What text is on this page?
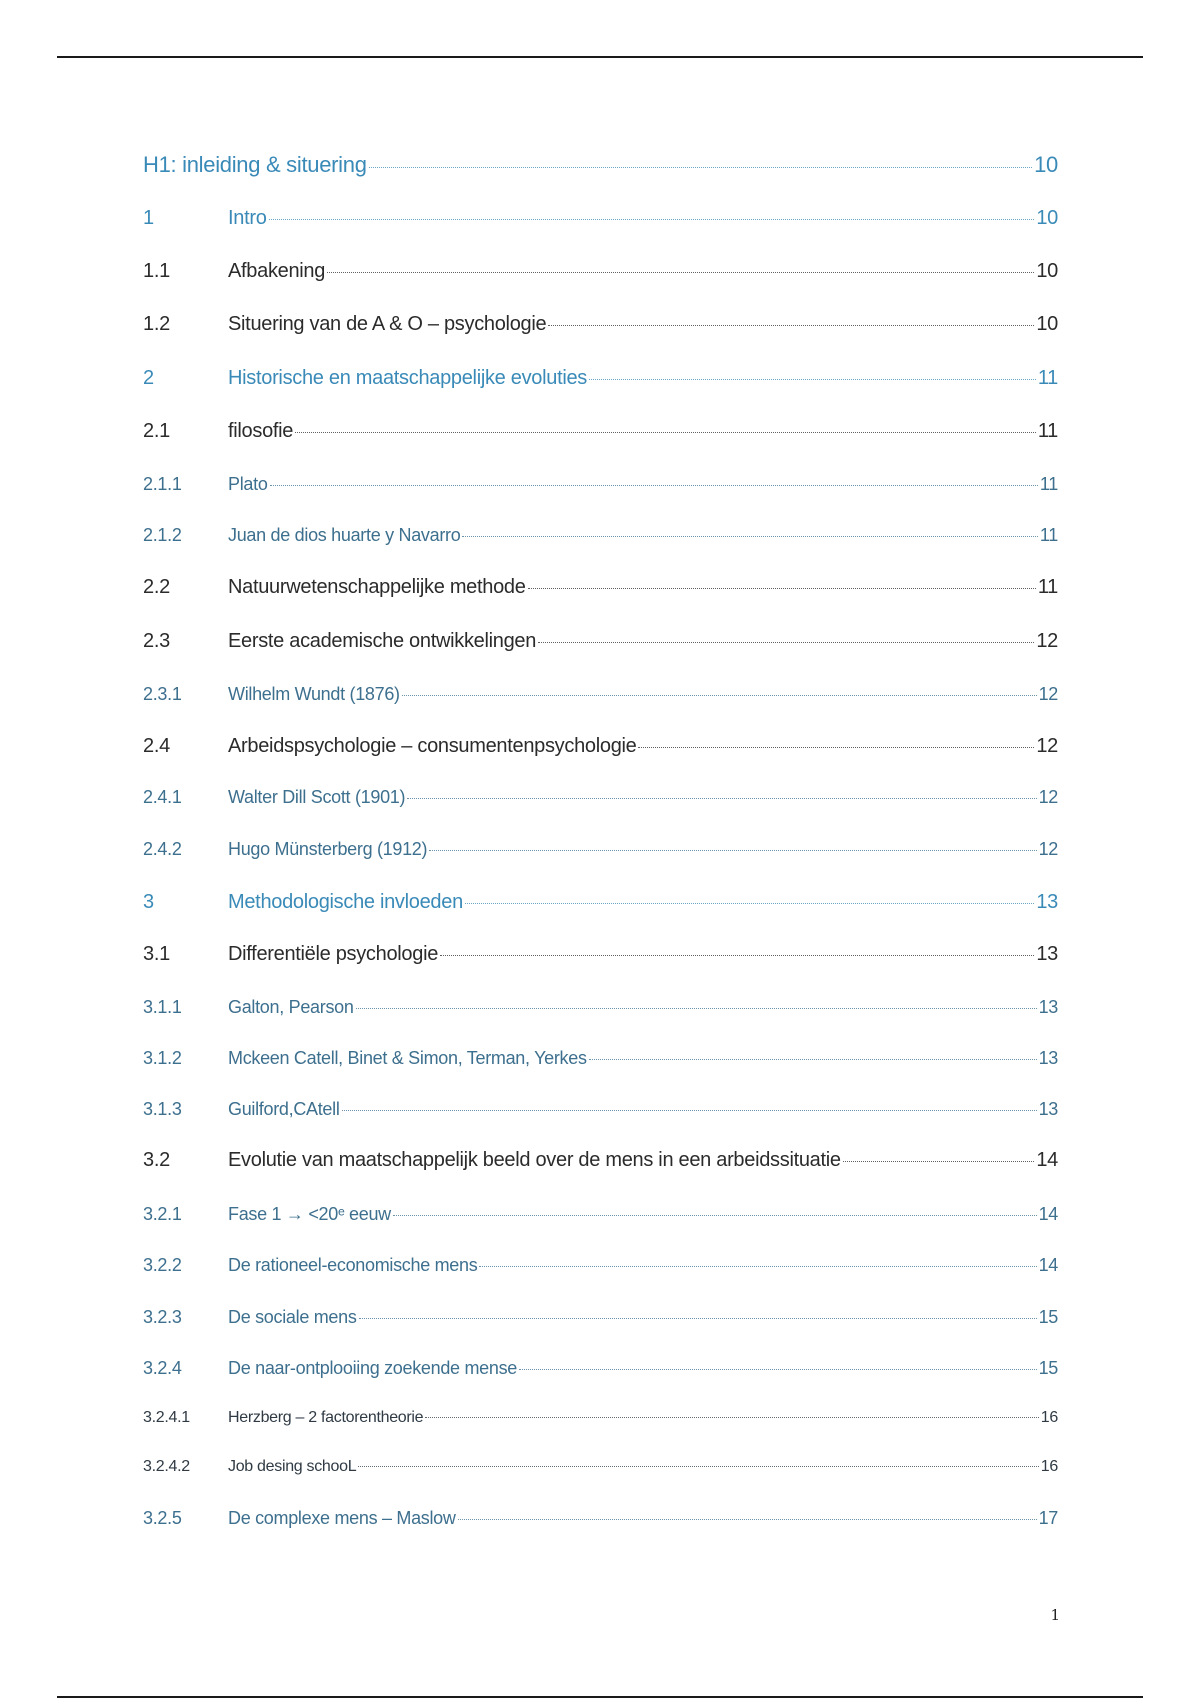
H1: inleiding & situering	10
1	Intro	10
1.1	Afbakening	10
1.2	Situering van de A & O – psychologie	10
2	Historische en maatschappelijke evoluties	11
2.1	filosofie	11
2.1.1	Plato	11
2.1.2	Juan de dios huarte y Navarro	11
2.2	Natuurwetenschappelijke methode	11
2.3	Eerste academische ontwikkelingen	12
2.3.1	Wilhelm Wundt (1876)	12
2.4	Arbeidspsychologie – consumentenpsychologie	12
2.4.1	Walter Dill Scott (1901)	12
2.4.2	Hugo Münsterberg (1912)	12
3	Methodologische invloeden	13
3.1	Differentiële psychologie	13
3.1.1	Galton, Pearson	13
3.1.2	Mckeen Catell, Binet & Simon, Terman, Yerkes	13
3.1.3	Guilford,CAtell	13
3.2	Evolutie van maatschappelijk beeld over de mens in een arbeidssituatie	14
3.2.1	Fase 1 → <20ᵉ eeuw	14
3.2.2	De rationeel-economische mens	14
3.2.3	De sociale mens	15
3.2.4	De naar-ontplooiing zoekende mense	15
3.2.4.1	Herzberg – 2 factorentheorie	16
3.2.4.2	Job desing schooL	16
3.2.5	De complexe mens – Maslow	17
1
